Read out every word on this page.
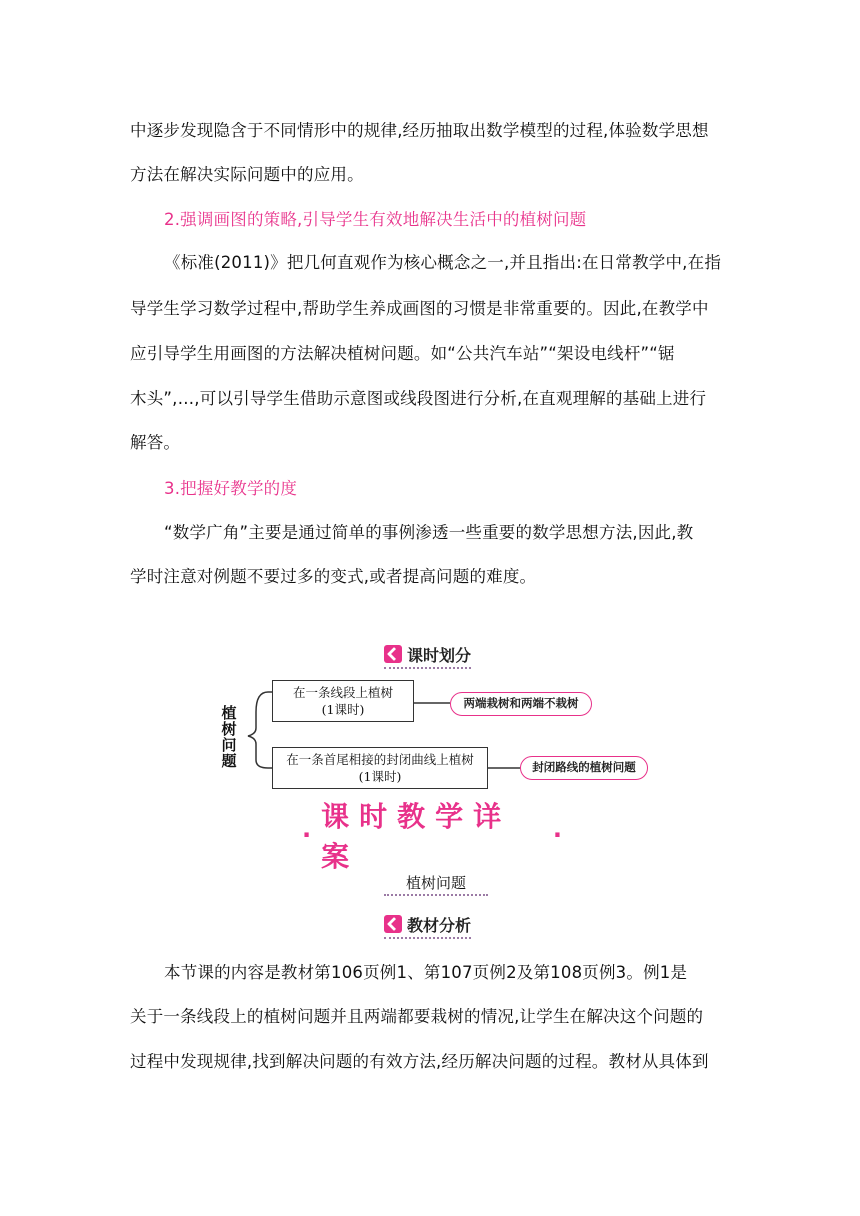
中逐步发现隐含于不同情形中的规律,经历抽取出数学模型的过程,体验数学思想
方法在解决实际问题中的应用。
2.强调画图的策略,引导学生有效地解决生活中的植树问题
《标准(2011)》把几何直观作为核心概念之一,并且指出:在日常教学中,在指
导学生学习数学过程中,帮助学生养成画图的习惯是非常重要的。因此,在教学中
应引导学生用画图的方法解决植树问题。如“公共汽车站”“架设电线杆”“锯
木头”,…,可以引导学生借助示意图或线段图进行分析,在直观理解的基础上进行
解答。
3.把握好教学的度
“数学广角”主要是通过简单的事例渗透一些重要的数学思想方法,因此,教
学时注意对例题不要过多的变式,或者提高问题的难度。
课时划分
植树问题
在一条线段上植树
(1课时)	两端栽树和两端不栽树
在一条首尾相接的封闭曲线上植树
(1课时)
封闭路线的植树问题
·
课时教学详案
·
植树问题
教材分析
本节课的内容是教材第106页例1、第107页例2及第108页例3。例1是
关于一条线段上的植树问题并且两端都要栽树的情况,让学生在解决这个问题的
过程中发现规律,找到解决问题的有效方法,经历解决问题的过程。教材从具体到
